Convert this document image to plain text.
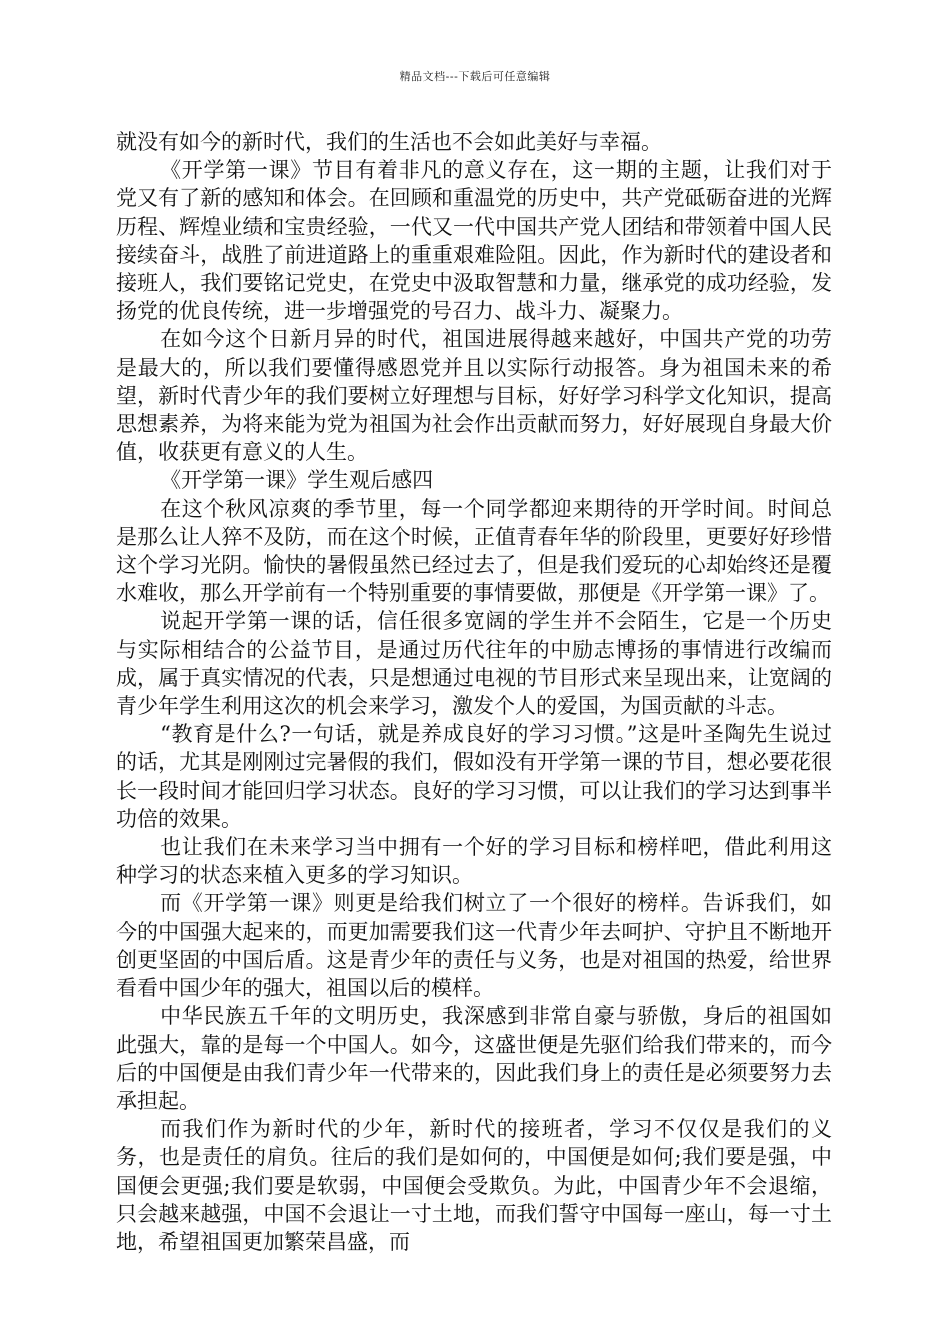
精品文档---下载后可任意编辑

就没有如今的新时代，我们的生活也不会如此美好与幸福。

《开学第一课》节目有着非凡的意义存在，这一期的主题，让我们对于党又有了新的感知和体会。在回顾和重温党的历史中，共产党砥砺奋进的光辉历程、辉煌业绩和宝贵经验，一代又一代中国共产党人团结和带领着中国人民接续奋斗，战胜了前进道路上的重重艰难险阻。因此，作为新时代的建设者和接班人，我们要铭记党史，在党史中汲取智慧和力量，继承党的成功经验，发扬党的优良传统，进一步增强党的号召力、战斗力、凝聚力。

在如今这个日新月异的时代，祖国进展得越来越好，中国共产党的功劳是最大的，所以我们要懂得感恩党并且以实际行动报答。身为祖国未来的希望，新时代青少年的我们要树立好理想与目标，好好学习科学文化知识，提高思想素养，为将来能为党为祖国为社会作出贡献而努力，好好展现自身最大价值，收获更有意义的人生。

《开学第一课》学生观后感四

在这个秋风凉爽的季节里，每一个同学都迎来期待的开学时间。时间总是那么让人猝不及防，而在这个时候，正值青春年华的阶段里，更要好好珍惜这个学习光阴。愉快的暑假虽然已经过去了，但是我们爱玩的心却始终还是覆水难收，那么开学前有一个特别重要的事情要做，那便是《开学第一课》了。

说起开学第一课的话，信任很多宽阔的学生并不会陌生，它是一个历史与实际相结合的公益节目，是通过历代往年的中励志博扬的事情进行改编而成，属于真实情况的代表，只是想通过电视的节目形式来呈现出来，让宽阔的青少年学生利用这次的机会来学习，激发个人的爱国，为国贡献的斗志。

“教育是什么?一句话，就是养成良好的学习习惯。”这是叶圣陶先生说过的话，尤其是刚刚过完暑假的我们，假如没有开学第一课的节目，想必要花很长一段时间才能回归学习状态。良好的学习习惯，可以让我们的学习达到事半功倍的效果。

也让我们在未来学习当中拥有一个好的学习目标和榜样吧，借此利用这种学习的状态来植入更多的学习知识。

而《开学第一课》则更是给我们树立了一个很好的榜样。告诉我们，如今的中国强大起来的，而更加需要我们这一代青少年去呵护、守护且不断地开创更坚固的中国后盾。这是青少年的责任与义务，也是对祖国的热爱，给世界看看中国少年的强大，祖国以后的模样。

中华民族五千年的文明历史，我深感到非常自豪与骄傲，身后的祖国如此强大，靠的是每一个中国人。如今，这盛世便是先驱们给我们带来的，而今后的中国便是由我们青少年一代带来的，因此我们身上的责任是必须要努力去承担起。

而我们作为新时代的少年，新时代的接班者，学习不仅仅是我们的义务，也是责任的肩负。往后的我们是如何的，中国便是如何;我们要是强，中国便会更强;我们要是软弱，中国便会受欺负。为此，中国青少年不会退缩，只会越来越强，中国不会退让一寸土地，而我们誓守中国每一座山，每一寸土地，希望祖国更加繁荣昌盛，而
